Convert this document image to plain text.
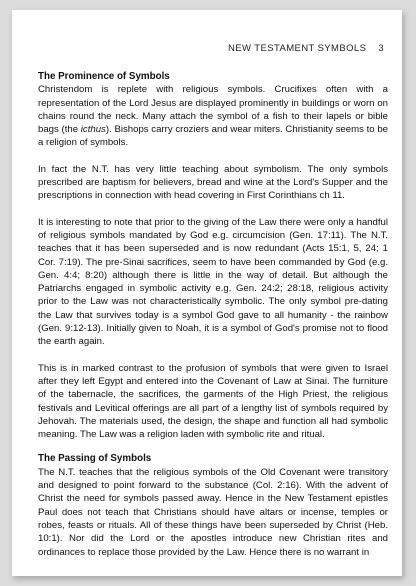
NEW TESTAMENT SYMBOLS 3
The Prominence of Symbols

Christendom is replete with religious symbols. Crucifixes often with a representation of the Lord Jesus are displayed prominently in buildings or worn on chains round the neck. Many attach the symbol of a fish to their lapels or bible bags (the icthus). Bishops carry croziers and wear miters. Christianity seems to be a religion of symbols.

In fact the N.T. has very little teaching about symbolism. The only symbols prescribed are baptism for believers, bread and wine at the Lord's Supper and the prescriptions in connection with head covering in First Corinthians ch 11.

It is interesting to note that prior to the giving of the Law there were only a handful of religious symbols mandated by God e.g. circumcision (Gen. 17:11). The N.T. teaches that it has been superseded and is now redundant (Acts 15:1, 5, 24; 1 Cor. 7:19). The pre-Sinai sacrifices, seem to have been commanded by God (e.g. Gen. 4:4; 8:20) although there is little in the way of detail. But although the Patriarchs engaged in symbolic activity e.g. Gen. 24:2; 28:18, religious activity prior to the Law was not characteristically symbolic. The only symbol pre-dating the Law that survives today is a symbol God gave to all humanity - the rainbow (Gen. 9:12-13). Initially given to Noah, it is a symbol of God's promise not to flood the earth again.

This is in marked contrast to the profusion of symbols that were given to Israel after they left Egypt and entered into the Covenant of Law at Sinai. The furniture of the tabernacle, the sacrifices, the garments of the High Priest, the religious festivals and Levitical offerings are all part of a lengthy list of symbols required by Jehovah. The materials used, the design, the shape and function all had symbolic meaning. The Law was a religion laden with symbolic rite and ritual.

The Passing of Symbols

The N.T. teaches that the religious symbols of the Old Covenant were transitory and designed to point forward to the substance (Col. 2:16). With the advent of Christ the need for symbols passed away. Hence in the New Testament epistles Paul does not teach that Christians should have altars or incense, temples or robes, feasts or rituals. All of these things have been superseded by Christ (Heb. 10:1). Nor did the Lord or the apostles introduce new Christian rites and ordinances to replace those provided by the Law. Hence there is no warrant in
